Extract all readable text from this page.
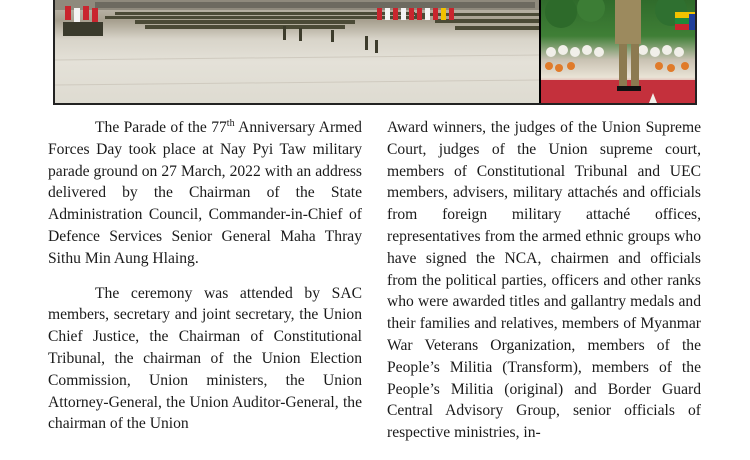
The Parade of the 77th Anniversary Armed Forces Day took place at Nay Pyi Taw military parade ground on 27 March, 2022 with an address delivered by the Chairman of the State Administration Council, Commander-in-Chief of Defence Services Senior General Maha Thray Sithu Min Aung Hlaing.

The ceremony was attended by SAC members, secretary and joint secretary, the Union Chief Justice, the Chairman of Constitutional Tribunal, the chairman of the Union Election Commission, Union ministers, the Union Attorney-General, the Union Auditor-General, the chairman of the Union

Award winners, the judges of the Union Supreme Court, judges of the Union supreme court, members of Constitutional Tribunal and UEC members, advisers, military attachés and officials from foreign military attaché offices, representatives from the armed ethnic groups who have signed the NCA, chairmen and officials from the political parties, officers and other ranks who were awarded titles and gallantry medals and their families and relatives, members of Myanmar War Veterans Organization, members of the People’s Militia (Transform), members of the People’s Militia (original) and Border Guard Central Advisory Group, senior officials of respective ministries, in-
